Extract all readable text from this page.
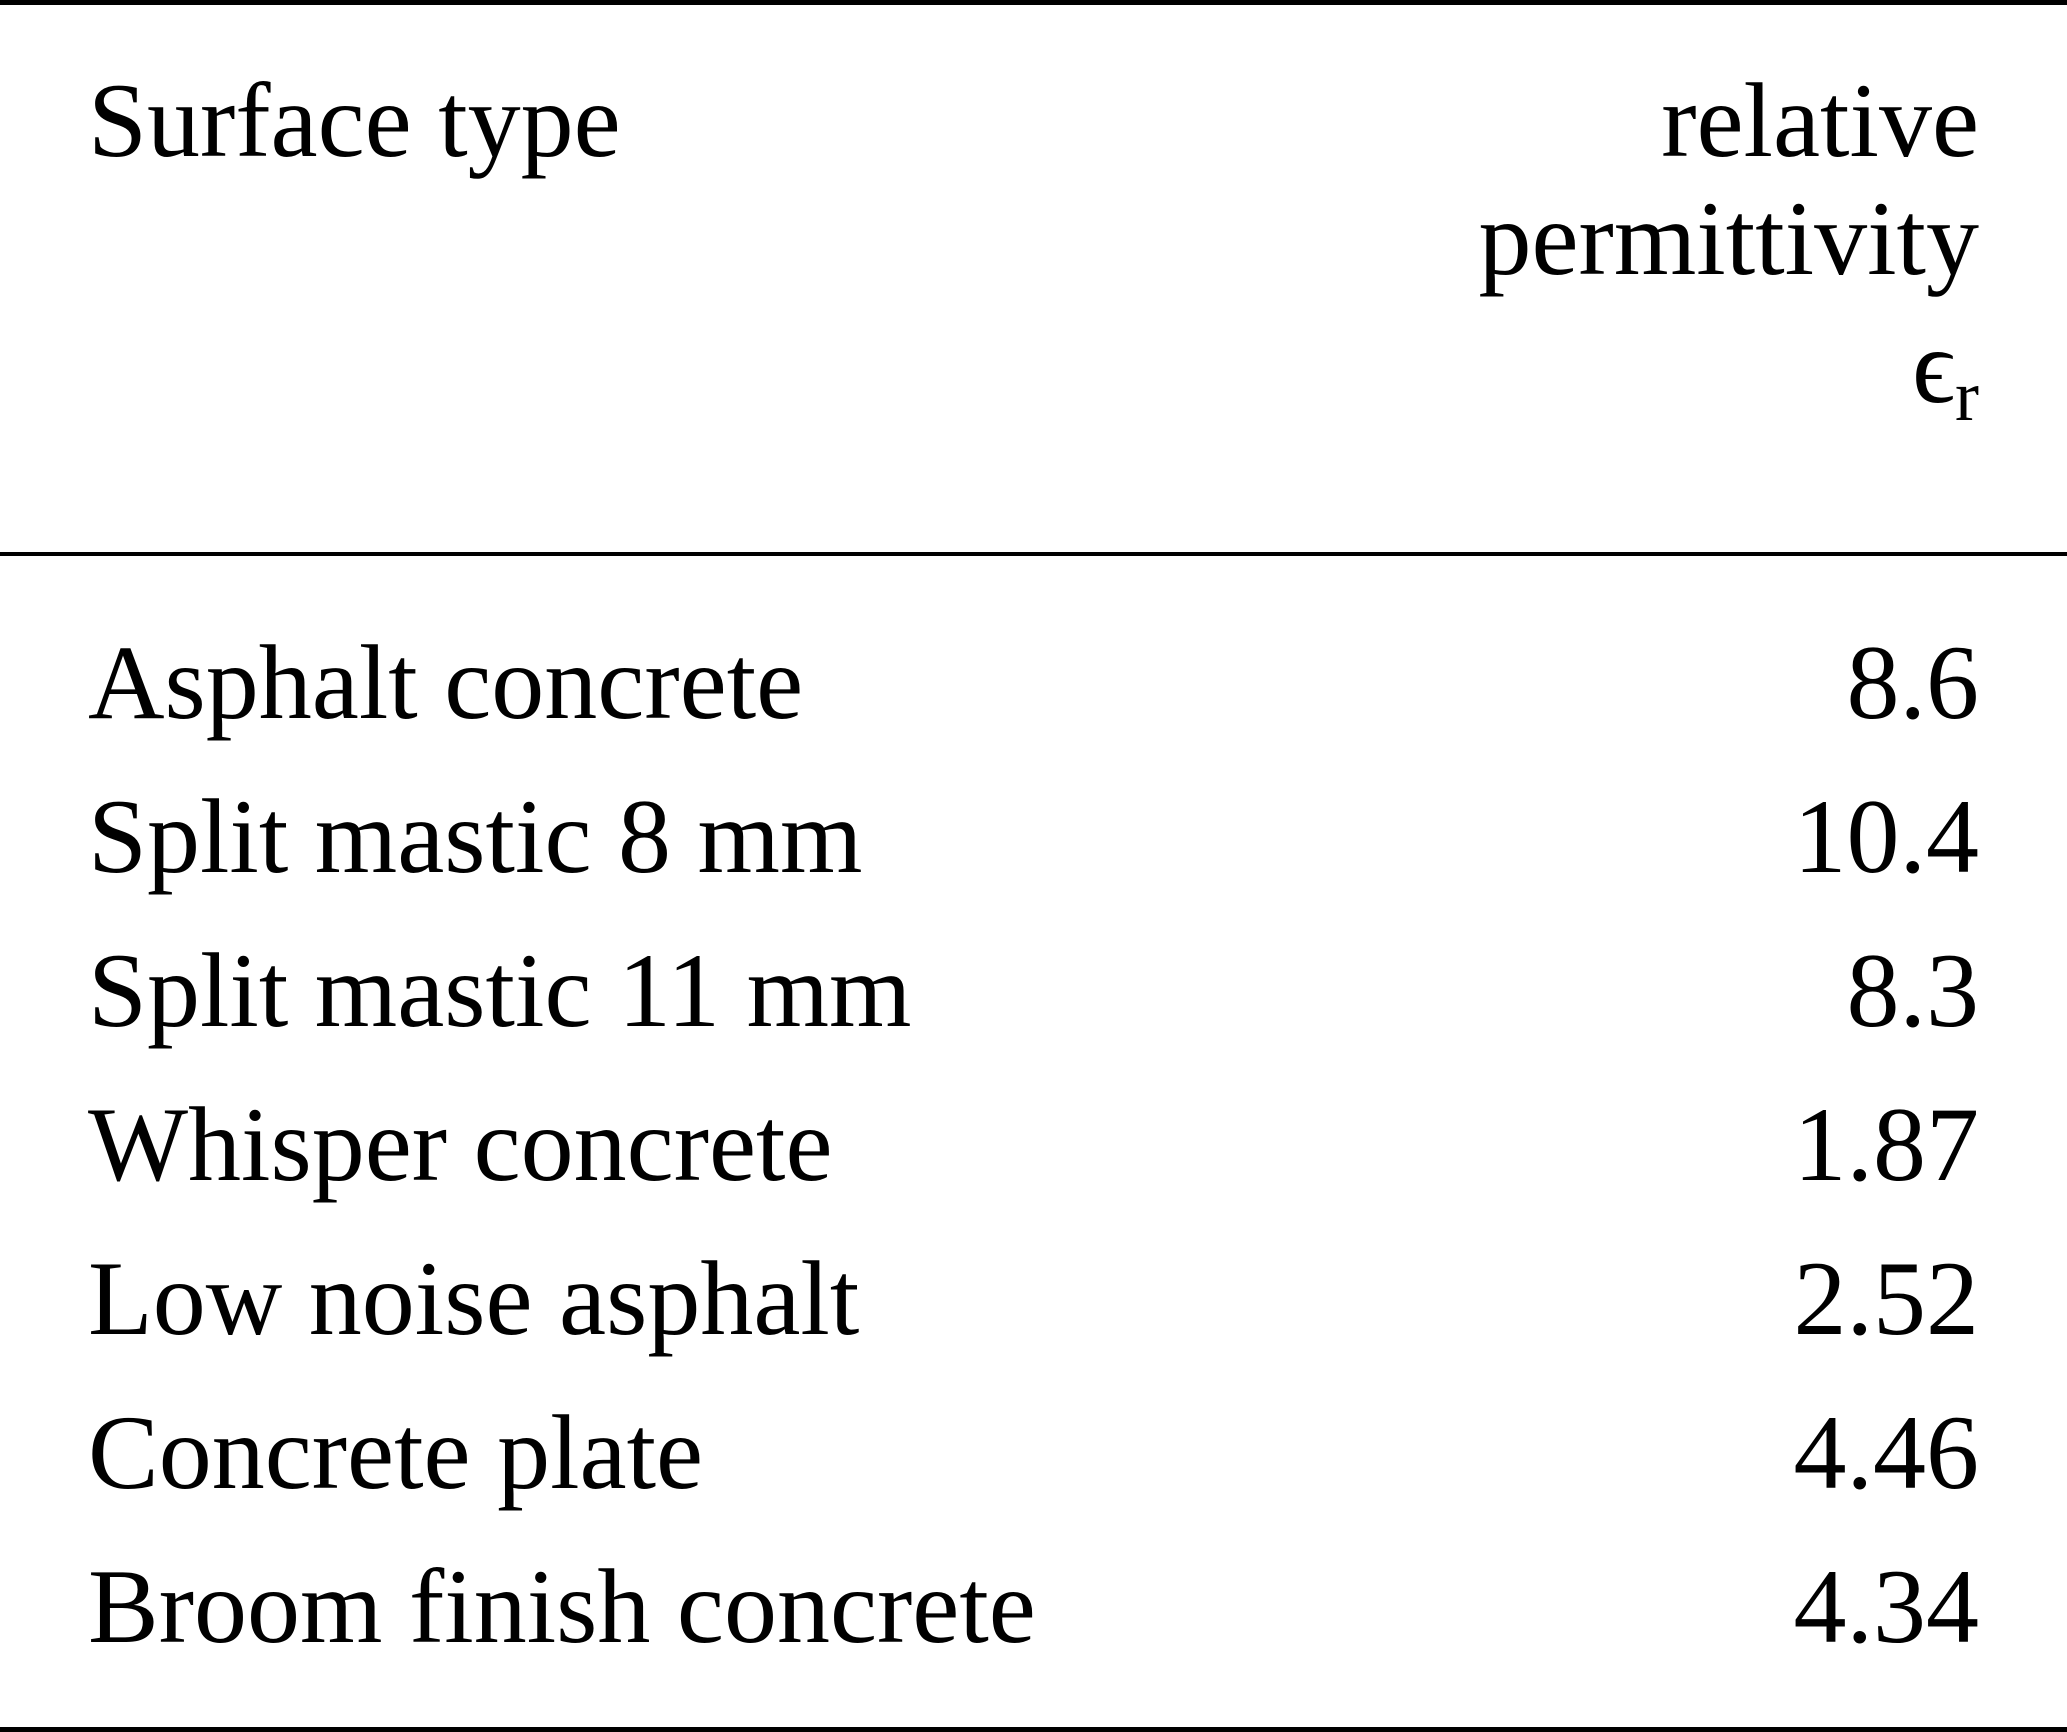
Surface type	relative
permittivity
$\epsilon_r$
Asphalt concrete	8.6
Split mastic 8 mm	10.4
Split mastic 11 mm	8.3
Whisper concrete	1.87
Low noise asphalt	2.52
Concrete plate	4.46
Broom finish concrete	4.34
